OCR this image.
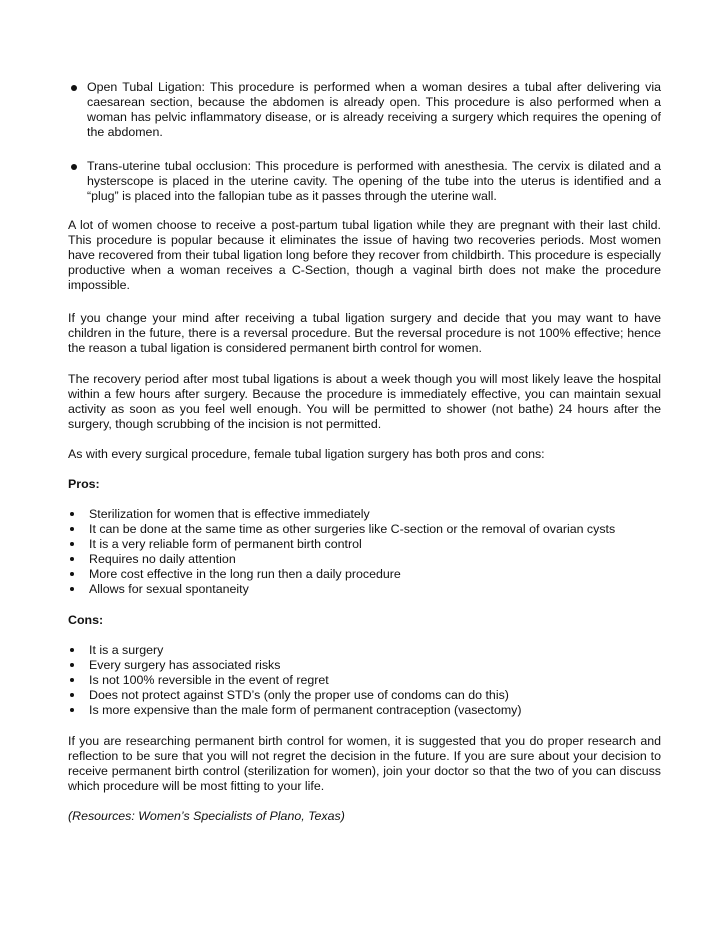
Open Tubal Ligation: This procedure is performed when a woman desires a tubal after delivering via caesarean section, because the abdomen is already open. This procedure is also performed when a woman has pelvic inflammatory disease, or is already receiving a surgery which requires the opening of the abdomen.
Trans-uterine tubal occlusion: This procedure is performed with anesthesia. The cervix is dilated and a hysterscope is placed in the uterine cavity. The opening of the tube into the uterus is identified and a “plug” is placed into the fallopian tube as it passes through the uterine wall.

A lot of women choose to receive a post-partum tubal ligation while they are pregnant with their last child. This procedure is popular because it eliminates the issue of having two recoveries periods. Most women have recovered from their tubal ligation long before they recover from childbirth. This procedure is especially productive when a woman receives a C-Section, though a vaginal birth does not make the procedure impossible.

If you change your mind after receiving a tubal ligation surgery and decide that you may want to have children in the future, there is a reversal procedure. But the reversal procedure is not 100% effective; hence the reason a tubal ligation is considered permanent birth control for women.

The recovery period after most tubal ligations is about a week though you will most likely leave the hospital within a few hours after surgery. Because the procedure is immediately effective, you can maintain sexual activity as soon as you feel well enough. You will be permitted to shower (not bathe) 24 hours after the surgery, though scrubbing of the incision is not permitted.

As with every surgical procedure, female tubal ligation surgery has both pros and cons:

Pros:

Sterilization for women that is effective immediately
It can be done at the same time as other surgeries like C-section or the removal of ovarian cysts
It is a very reliable form of permanent birth control
Requires no daily attention
More cost effective in the long run then a daily procedure
Allows for sexual spontaneity

Cons:

It is a surgery
Every surgery has associated risks
Is not 100% reversible in the event of regret
Does not protect against STD’s (only the proper use of condoms can do this)
Is more expensive than the male form of permanent contraception (vasectomy)

If you are researching permanent birth control for women, it is suggested that you do proper research and reflection to be sure that you will not regret the decision in the future. If you are sure about your decision to receive permanent birth control (sterilization for women), join your doctor so that the two of you can discuss which procedure will be most fitting to your life.

(Resources: Women’s Specialists of Plano, Texas)
